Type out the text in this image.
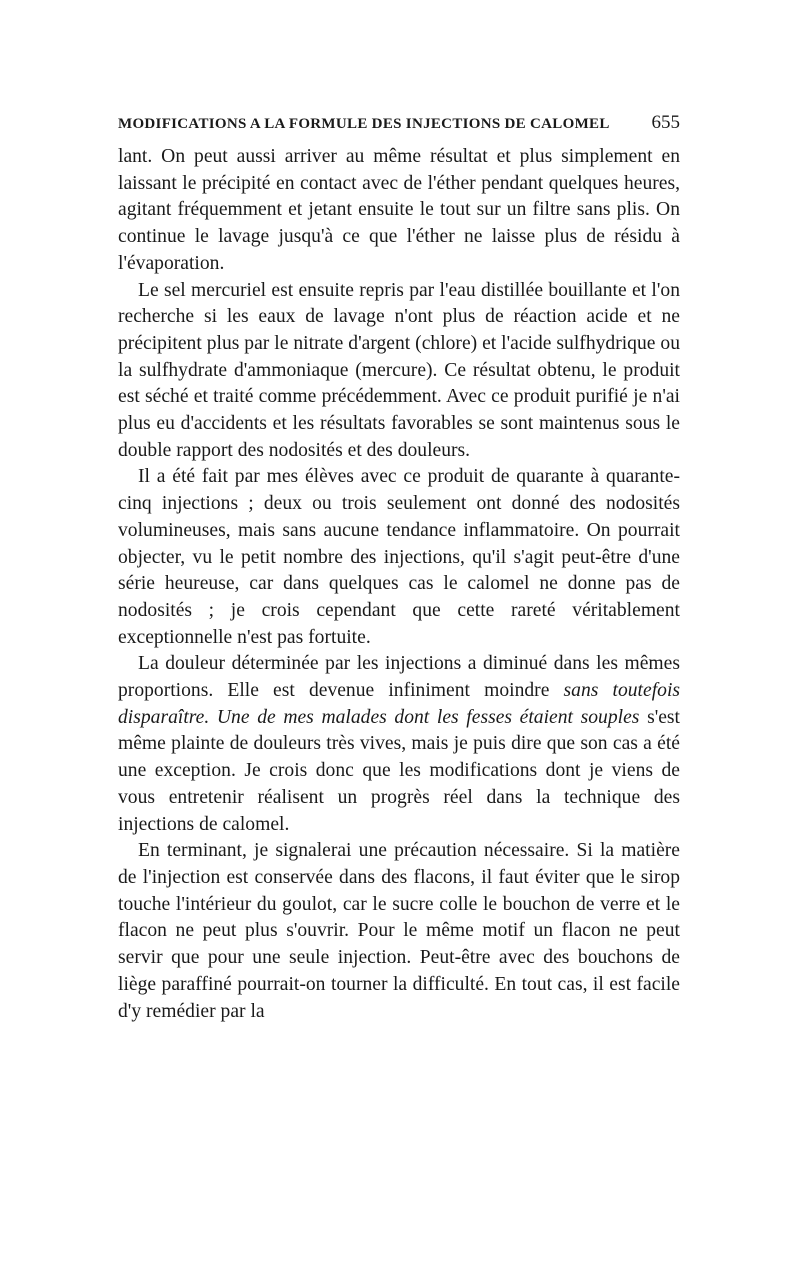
MODIFICATIONS A LA FORMULE DES INJECTIONS DE CALOMEL 655

lant. On peut aussi arriver au même résultat et plus simplement en laissant le précipité en contact avec de l'éther pendant quelques heures, agitant fréquemment et jetant ensuite le tout sur un filtre sans plis. On continue le lavage jusqu'à ce que l'éther ne laisse plus de résidu à l'évaporation.

Le sel mercuriel est ensuite repris par l'eau distillée bouillante et l'on recherche si les eaux de lavage n'ont plus de réaction acide et ne précipitent plus par le nitrate d'argent (chlore) et l'acide sulfhydrique ou la sulfhydrate d'ammoniaque (mercure). Ce résultat obtenu, le produit est séché et traité comme précédemment. Avec ce produit purifié je n'ai plus eu d'accidents et les résultats favorables se sont maintenus sous le double rapport des nodosités et des douleurs.

Il a été fait par mes élèves avec ce produit de quarante à quarante-cinq injections ; deux ou trois seulement ont donné des nodosités volumineuses, mais sans aucune tendance inflammatoire. On pourrait objecter, vu le petit nombre des injections, qu'il s'agit peut-être d'une série heureuse, car dans quelques cas le calomel ne donne pas de nodosités ; je crois cependant que cette rareté véritablement exceptionnelle n'est pas fortuite.

La douleur déterminée par les injections a diminué dans les mêmes proportions. Elle est devenue infiniment moindre sans toutefois disparaître. Une de mes malades dont les fesses étaient souples s'est même plainte de douleurs très vives, mais je puis dire que son cas a été une exception. Je crois donc que les modifications dont je viens de vous entretenir réalisent un progrès réel dans la technique des injections de calomel.

En terminant, je signalerai une précaution nécessaire. Si la matière de l'injection est conservée dans des flacons, il faut éviter que le sirop touche l'intérieur du goulot, car le sucre colle le bouchon de verre et le flacon ne peut plus s'ouvrir. Pour le même motif un flacon ne peut servir que pour une seule injection. Peut-être avec des bouchons de liège paraffiné pourrait-on tourner la difficulté. En tout cas, il est facile d'y remédier par la
